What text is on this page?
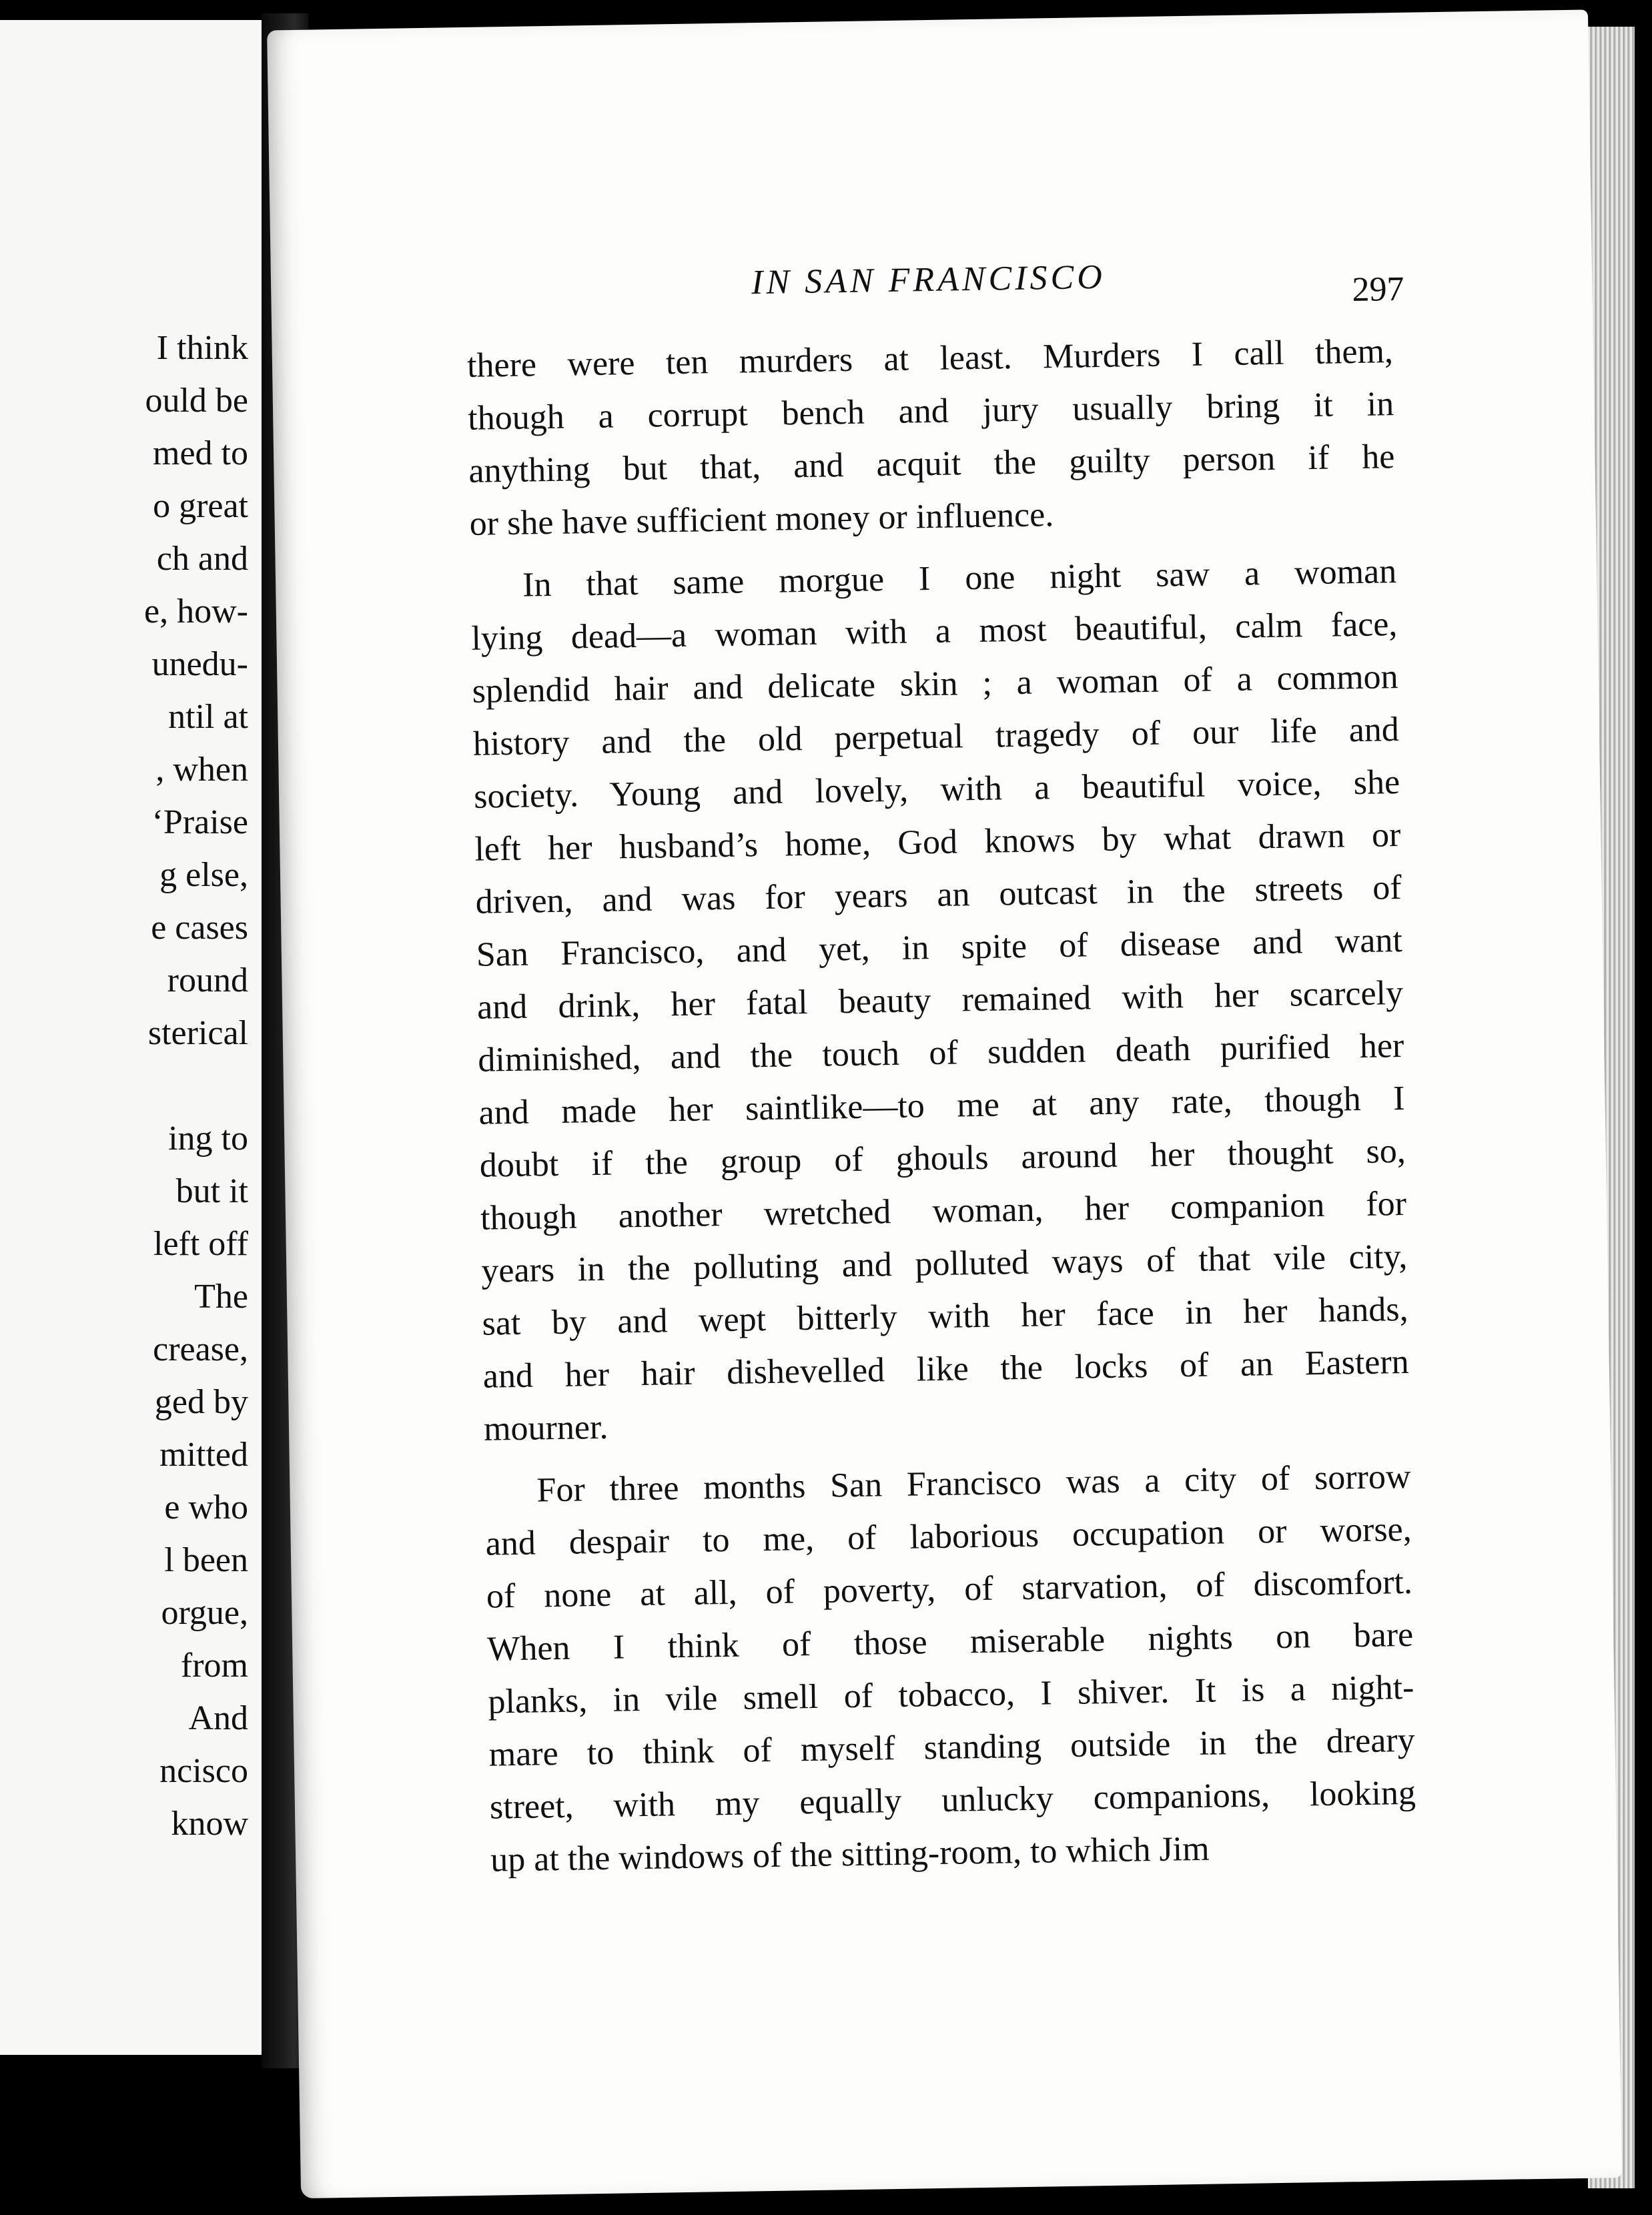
I think
ould be
med to
o great
ch and
e, how-
unedu-
ntil at
, when
‘Praise
g else,
e cases
round
sterical
ing to
but it
left off
The
crease,
ged by
mitted
e who
l been
orgue,
from
And
ncisco
know
IN SAN FRANCISCO	297
there were ten murders at least. Murders I call them,
though a corrupt bench and jury usually bring it in
anything but that, and acquit the guilty person if he
or she have sufficient money or influence.
In that same morgue I one night saw a woman
lying dead—a woman with a most beautiful, calm face,
splendid hair and delicate skin ; a woman of a common
history and the old perpetual tragedy of our life and
society. Young and lovely, with a beautiful voice, she
left her husband’s home, God knows by what drawn or
driven, and was for years an outcast in the streets of
San Francisco, and yet, in spite of disease and want
and drink, her fatal beauty remained with her scarcely
diminished, and the touch of sudden death purified her
and made her saintlike—to me at any rate, though I
doubt if the group of ghouls around her thought so,
though another wretched woman, her companion for
years in the polluting and polluted ways of that vile city,
sat by and wept bitterly with her face in her hands,
and her hair dishevelled like the locks of an Eastern
mourner.
For three months San Francisco was a city of sorrow
and despair to me, of laborious occupation or worse,
of none at all, of poverty, of starvation, of discomfort.
When I think of those miserable nights on bare
planks, in vile smell of tobacco, I shiver. It is a night-
mare to think of myself standing outside in the dreary
street, with my equally unlucky companions, looking
up at the windows of the sitting-room, to which Jim
